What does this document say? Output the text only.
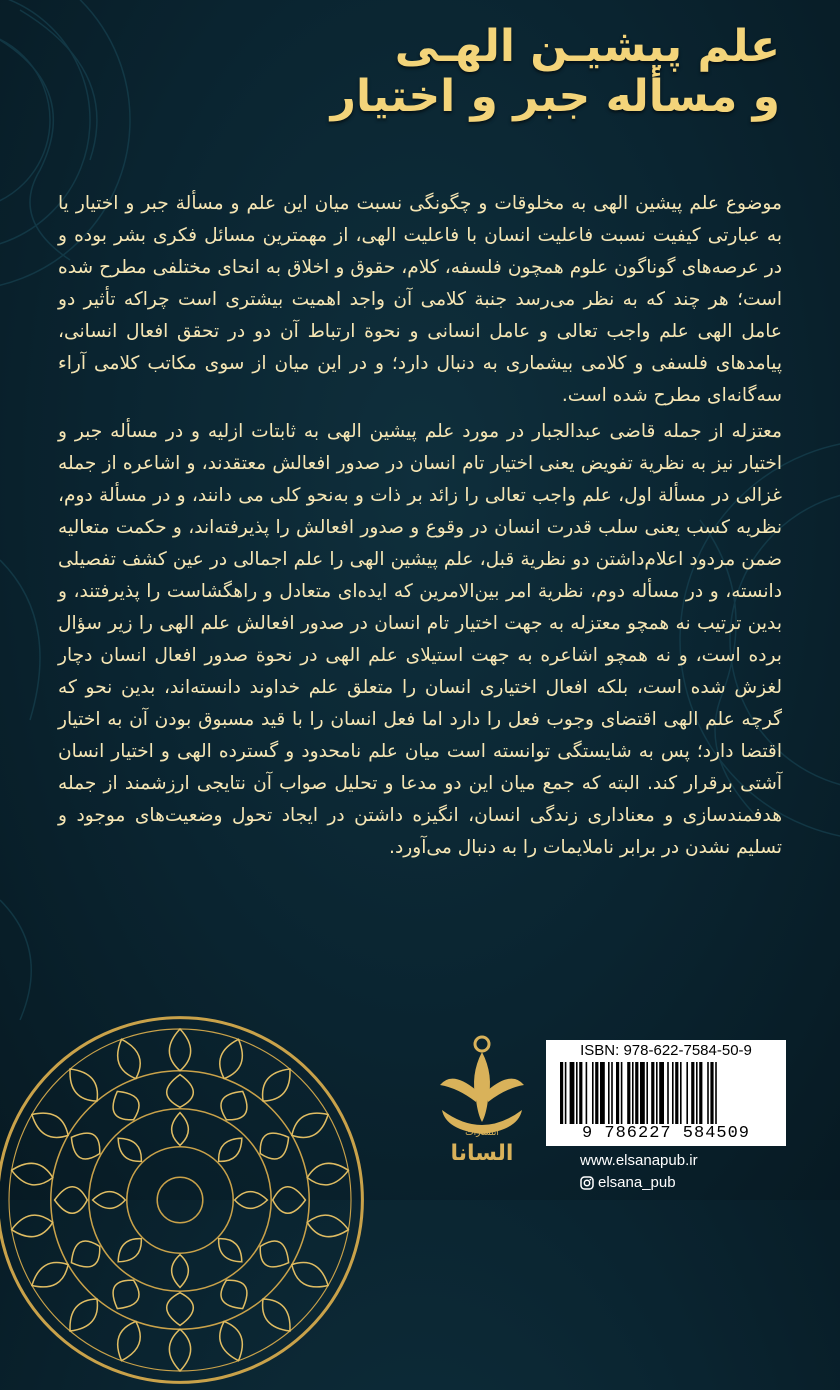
علم پیشیـن الهـی
و مسأله جبر و اختیار

موضوع علم پیشین الهی به مخلوقات و چگونگی نسبت میان این علم و مسألة جبر و اختیار یا به عبارتی کیفیت نسبت فاعلیت انسان با فاعلیت الهی، از مهمترین مسائل فکری بشر بوده و در عرصه‌های گوناگون علوم همچون فلسفه، کلام، حقوق و اخلاق به انحای مختلفی مطرح شده است؛ هر چند که به نظر می‌رسد جنبة کلامی آن واجد اهمیت بیشتری است چراکه تأثیر دو عامل الهی علم واجب تعالی و عامل انسانی و نحوة ارتباط آن دو در تحقق افعال انسانی، پیامدهای فلسفی و کلامی بیشماری به دنبال دارد؛ و در این میان از سوی مکاتب کلامی آراء سه‌گانه‌ای مطرح شده است.

معتزله از جمله قاضی عبدالجبار در مورد علم پیشین الهی به ثابتات ازلیه و در مسأله جبر و اختیار نیز به نظریة تفویض یعنی اختیار تام انسان در صدور افعالش معتقدند، و اشاعره از جمله غزالی در مسألة اول، علم واجب تعالی را زائد بر ذات و به‌نحو کلی می دانند، و در مسألة دوم، نظریه کسب یعنی سلب قدرت انسان در وقوع و صدور افعالش را پذیرفته‌اند، و حکمت متعالیه ضمن مردود اعلام‌داشتن دو نظریة قبل، علم پیشین الهی را علم اجمالی در عین کشف تفصیلی دانسته، و در مسأله دوم، نظریة امر بین‌الامرین که ایده‌ای متعادل و راهگشاست را پذیرفتند، و بدین ترتیب نه همچو معتزله به جهت اختیار تام انسان در صدور افعالش علم الهی را زیر سؤال برده است، و نه همچو اشاعره به جهت استیلای علم الهی در نحوة صدور افعال انسان دچار لغزش شده است، بلکه افعال اختیاری انسان را متعلق علم خداوند دانسته‌اند، بدین نحو که گرچه علم الهی اقتضای وجوب فعل را دارد اما فعل انسان را با قید مسبوق بودن آن به اختیار اقتضا دارد؛ پس به شایستگی توانسته است میان علم نامحدود و گسترده الهی و اختیار انسان آشتی برقرار کند. البته که جمع میان این دو مدعا و تحلیل صواب آن نتایجی ارزشمند از جمله هدفمندسازی و معناداری زندگی انسان، انگیزه داشتن در ایجاد تحول وضعیت‌های موجود و تسلیم نشدن در برابر ناملایمات را به دنبال می‌آورد.

انتشارات
السانا
ISBN: 978-622-7584-50-9
9 786227 584509
www.elsanapub.ir
elsana_pub
